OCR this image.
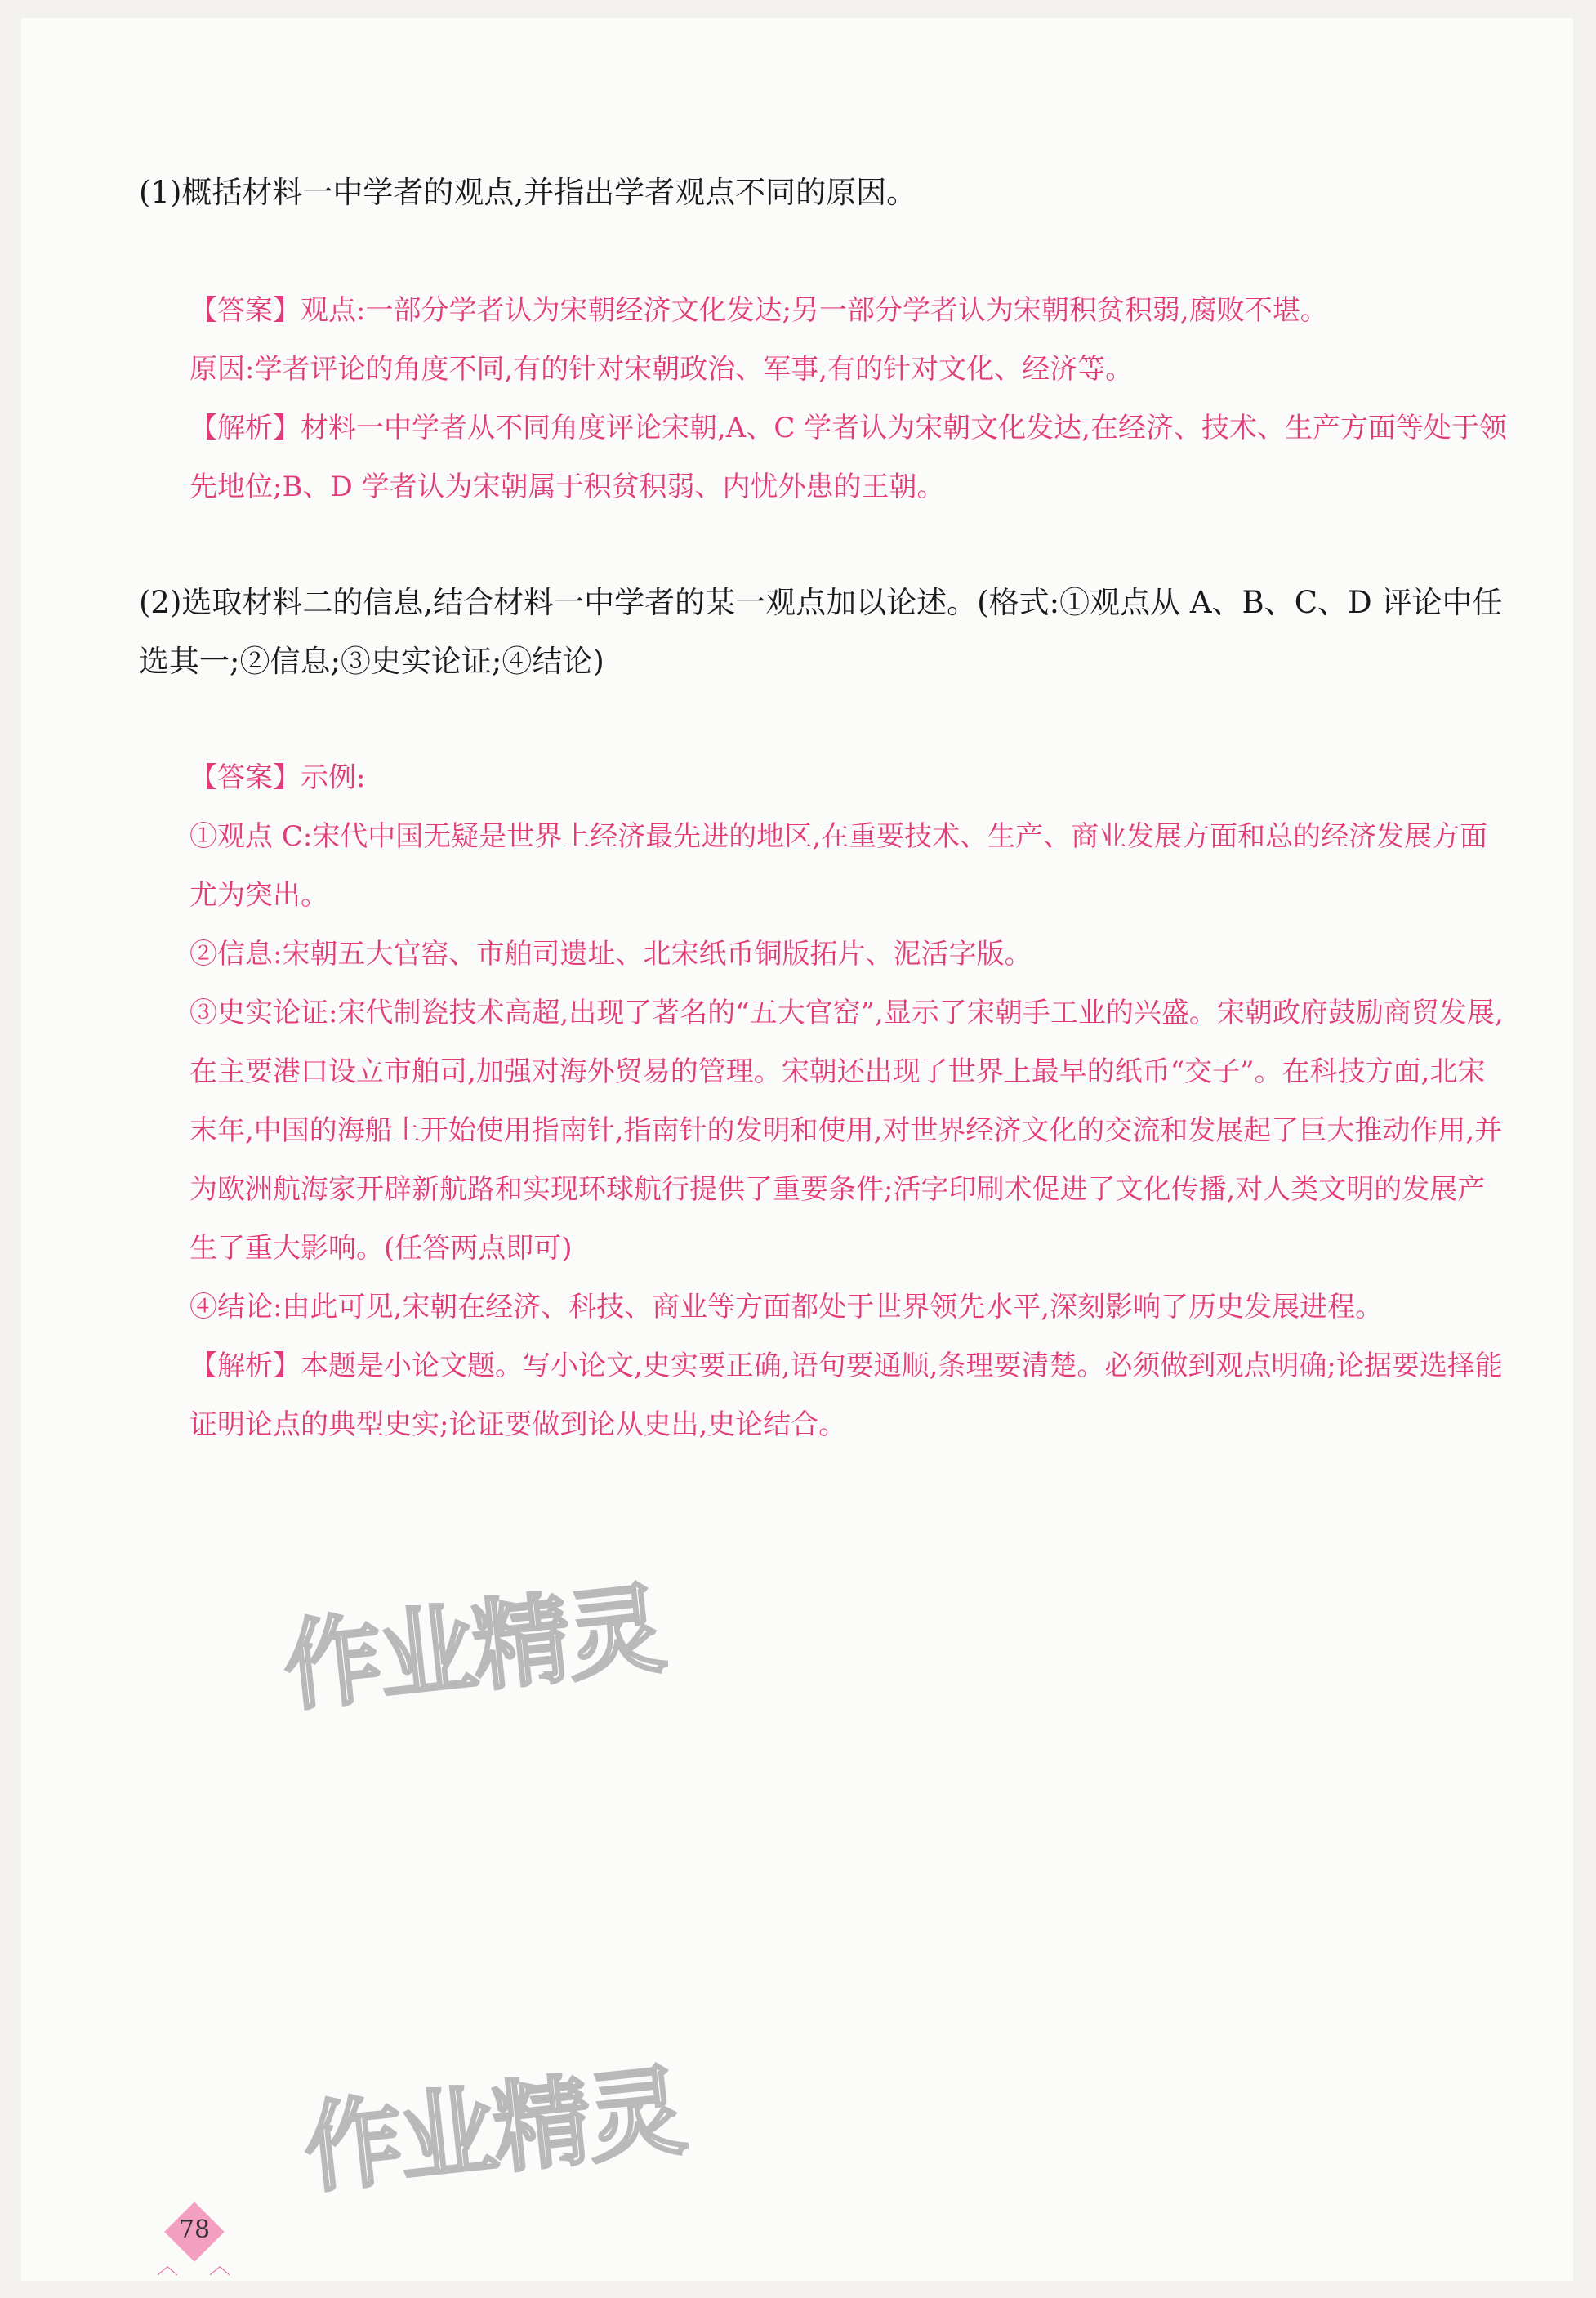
(1)概括材料一中学者的观点,并指出学者观点不同的原因。

【答案】观点:一部分学者认为宋朝经济文化发达;另一部分学者认为宋朝积贫积弱,腐败不堪。

原因:学者评论的角度不同,有的针对宋朝政治、军事,有的针对文化、经济等。

【解析】材料一中学者从不同角度评论宋朝,A、C 学者认为宋朝文化发达,在经济、技术、生产方面等处于领先地位;B、D 学者认为宋朝属于积贫积弱、内忧外患的王朝。

(2)选取材料二的信息,结合材料一中学者的某一观点加以论述。(格式:①观点从 A、B、C、D 评论中任选其一;②信息;③史实论证;④结论)

【答案】示例:

①观点 C:宋代中国无疑是世界上经济最先进的地区,在重要技术、生产、商业发展方面和总的经济发展方面尤为突出。

②信息:宋朝五大官窑、市舶司遗址、北宋纸币铜版拓片、泥活字版。

③史实论证:宋代制瓷技术高超,出现了著名的“五大官窑”,显示了宋朝手工业的兴盛。宋朝政府鼓励商贸发展,在主要港口设立市舶司,加强对海外贸易的管理。宋朝还出现了世界上最早的纸币“交子”。在科技方面,北宋末年,中国的海船上开始使用指南针,指南针的发明和使用,对世界经济文化的交流和发展起了巨大推动作用,并为欧洲航海家开辟新航路和实现环球航行提供了重要条件;活字印刷术促进了文化传播,对人类文明的发展产生了重大影响。(任答两点即可)

④结论:由此可见,宋朝在经济、科技、商业等方面都处于世界领先水平,深刻影响了历史发展进程。

【解析】本题是小论文题。写小论文,史实要正确,语句要通顺,条理要清楚。必须做到观点明确;论据要选择能证明论点的典型史实;论证要做到论从史出,史论结合。

作业精灵
作业精灵
78
︿ ︿
